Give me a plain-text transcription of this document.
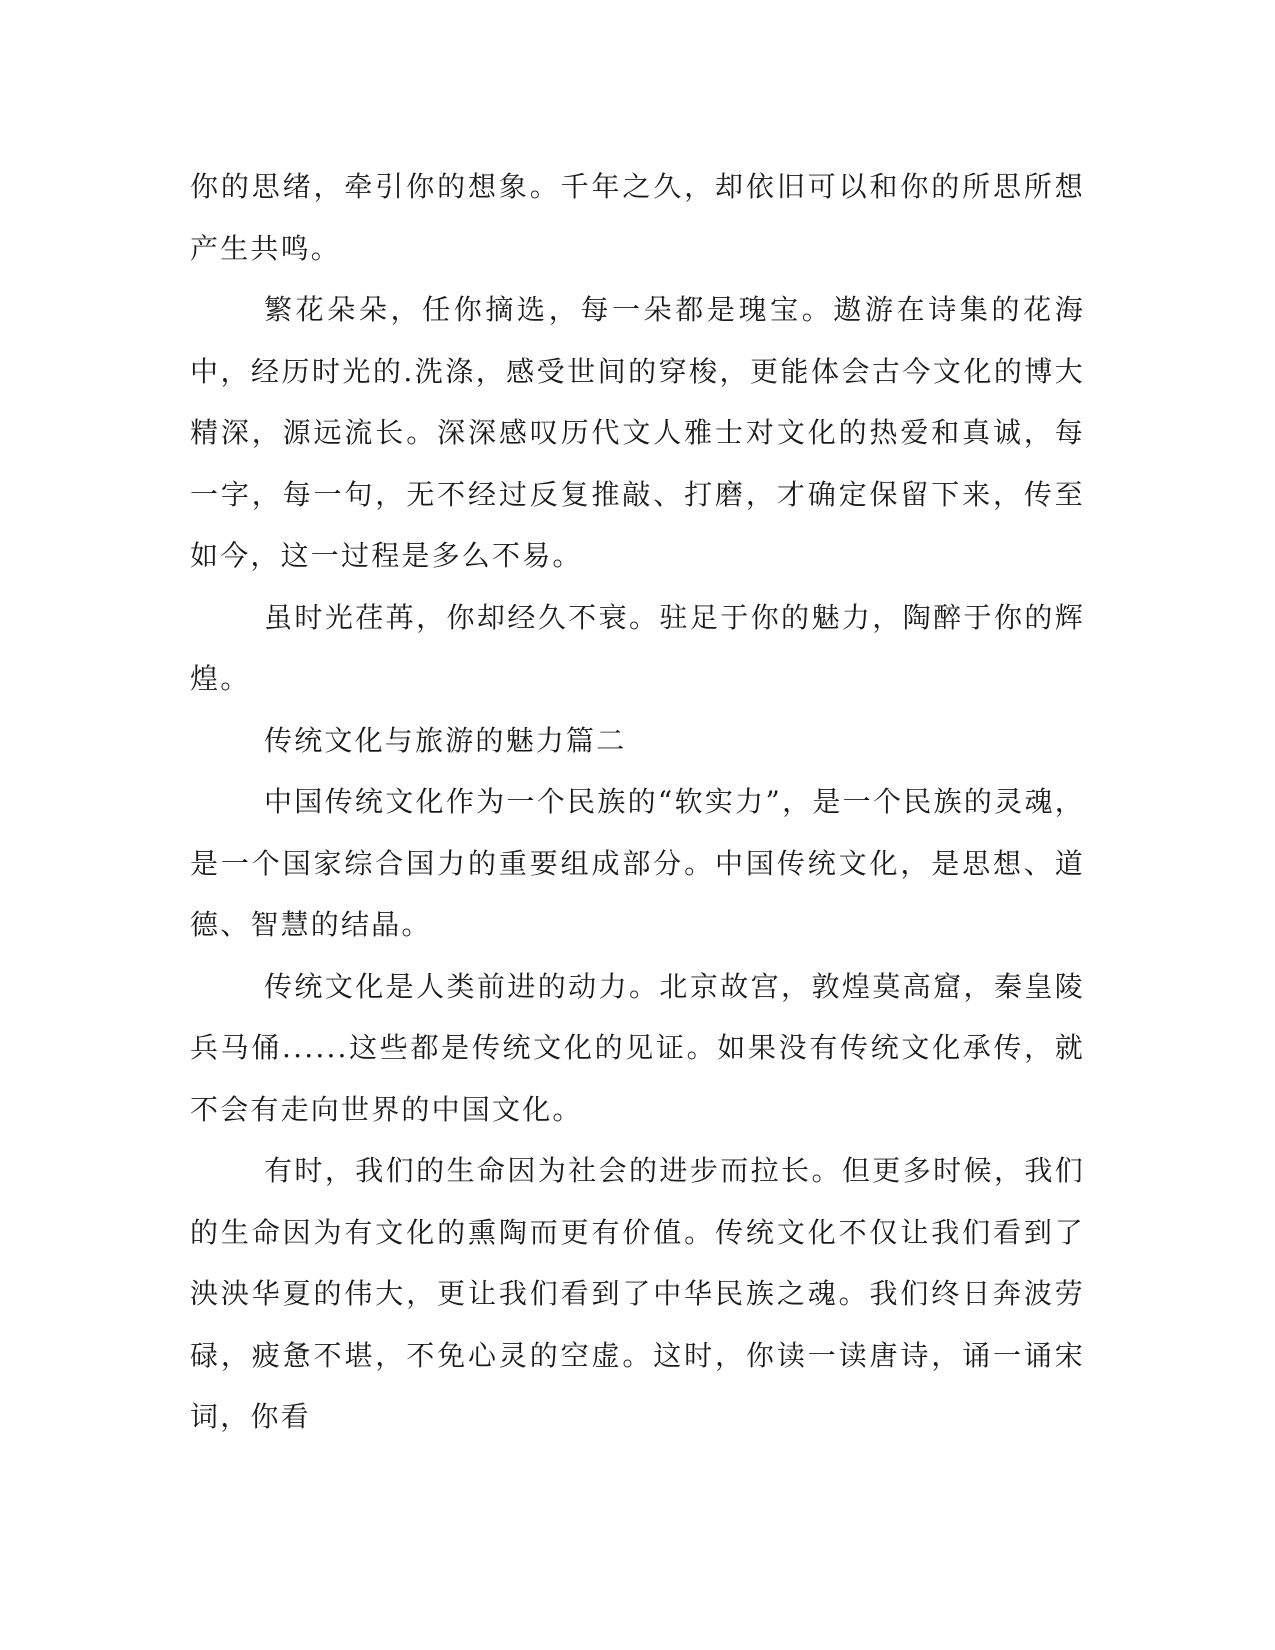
你的思绪，牵引你的想象。千年之久，却依旧可以和你的所思所想产生共鸣。

繁花朵朵，任你摘选，每一朵都是瑰宝。遨游在诗集的花海中，经历时光的.洗涤，感受世间的穿梭，更能体会古今文化的博大精深，源远流长。深深感叹历代文人雅士对文化的热爱和真诚，每一字，每一句，无不经过反复推敲、打磨，才确定保留下来，传至如今，这一过程是多么不易。

虽时光荏苒，你却经久不衰。驻足于你的魅力，陶醉于你的辉煌。

传统文化与旅游的魅力篇二

中国传统文化作为一个民族的“软实力”，是一个民族的灵魂，是一个国家综合国力的重要组成部分。中国传统文化，是思想、道德、智慧的结晶。

传统文化是人类前进的动力。北京故宫，敦煌莫高窟，秦皇陵兵马俑......这些都是传统文化的见证。如果没有传统文化承传，就不会有走向世界的中国文化。

有时，我们的生命因为社会的进步而拉长。但更多时候，我们的生命因为有文化的熏陶而更有价值。传统文化不仅让我们看到了泱泱华夏的伟大，更让我们看到了中华民族之魂。我们终日奔波劳碌，疲惫不堪，不免心灵的空虚。这时，你读一读唐诗，诵一诵宋词，你看
